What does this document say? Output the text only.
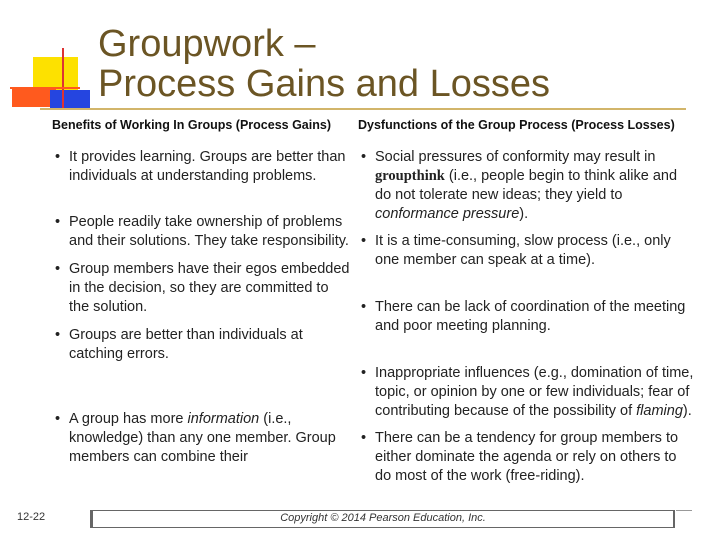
Groupwork –
Process Gains and Losses
Benefits of Working In Groups (Process Gains)
• It provides learning. Groups are better than individuals at understanding problems.
• People readily take ownership of problems and their solutions. They take responsibility.
• Group members have their egos embedded in the decision, so they are committed to the solution.
• Groups are better than individuals at catching errors.
• A group has more information (i.e., knowledge) than any one member. Group members can combine their
Dysfunctions of the Group Process (Process Losses)
• Social pressures of conformity may result in groupthink (i.e., people begin to think alike and do not tolerate new ideas; they yield to conformance pressure).
• It is a time-consuming, slow process (i.e., only one member can speak at a time).
• There can be lack of coordination of the meeting and poor meeting planning.
• Inappropriate influences (e.g., domination of time, topic, or opinion by one or few individuals; fear of contributing because of the possibility of flaming).
• There can be a tendency for group members to either dominate the agenda or rely on others to do most of the work (free-riding).
12-22	Copyright © 2014 Pearson Education, Inc.
